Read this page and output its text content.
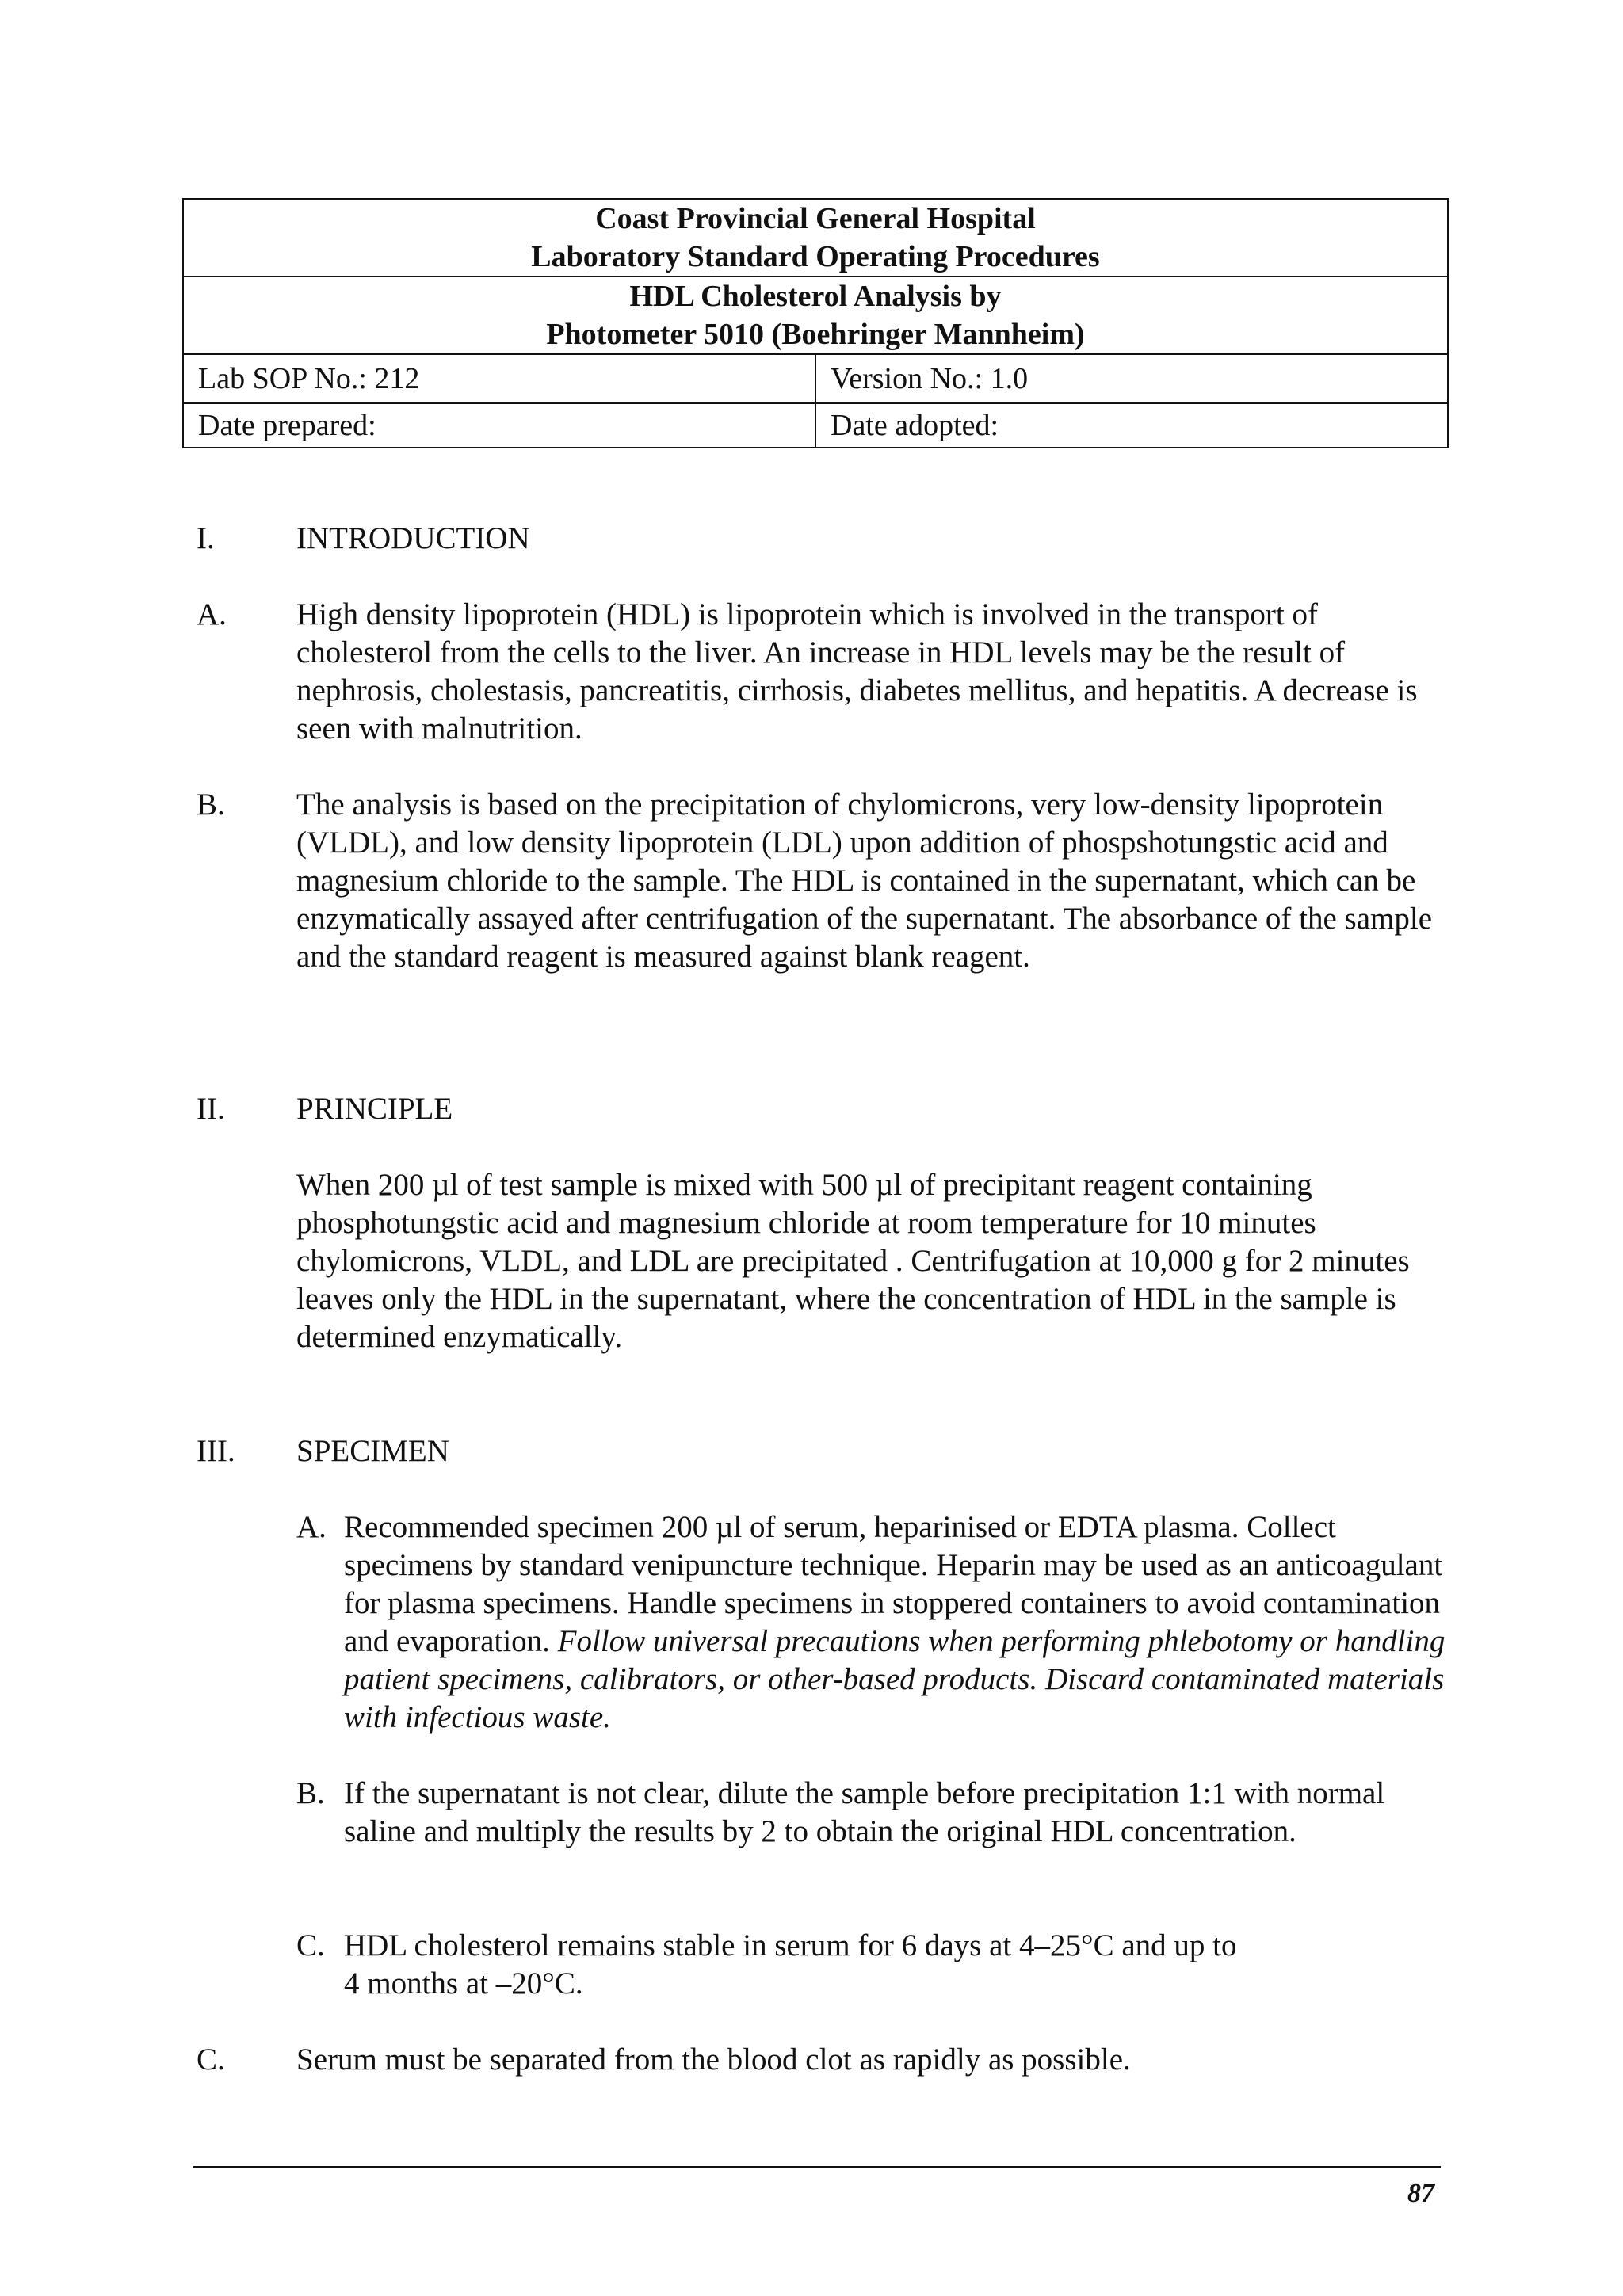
Coast Provincial General Hospital
Laboratory Standard Operating Procedures	

HDL Cholesterol Analysis by
Photometer 5010 (Boehringer Mannheim)	

Lab SOP No.: 212	Version No.: 1.0
Date prepared:	Date adopted:
I.	INTRODUCTION
A. High density lipoprotein (HDL) is lipoprotein which is involved in the transport of cholesterol from the cells to the liver. An increase in HDL levels may be the result of nephrosis, cholestasis, pancreatitis, cirrhosis, diabetes mellitus, and hepatitis. A decrease is seen with malnutrition.
B. The analysis is based on the precipitation of chylomicrons, very low-density lipoprotein (VLDL), and low density lipoprotein (LDL) upon addition of phospshotungstic acid and magnesium chloride to the sample. The HDL is contained in the supernatant, which can be enzymatically assayed after centrifugation of the supernatant. The absorbance of the sample and the standard reagent is measured against blank reagent.
II. PRINCIPLE
When 200 µl of test sample is mixed with 500 µl of precipitant reagent containing phosphotungstic acid and magnesium chloride at room temperature for 10 minutes chylomicrons, VLDL, and LDL are precipitated . Centrifugation at 10,000 g for 2 minutes leaves only the HDL in the supernatant, where the concentration of HDL in the sample is determined enzymatically.
III. SPECIMEN
A. Recommended specimen 200 µl of serum, heparinised or EDTA plasma. Collect specimens by standard venipuncture technique. Heparin may be used as an anticoagulant for plasma specimens. Handle specimens in stoppered containers to avoid contamination and evaporation. Follow universal precautions when performing phlebotomy or handling patient specimens, calibrators, or other-based products. Discard contaminated materials with infectious waste.
B. If the supernatant is not clear, dilute the sample before precipitation 1:1 with normal saline and multiply the results by 2 to obtain the original HDL concentration.
C. HDL cholesterol remains stable in serum for 6 days at 4–25°C and up to
4 months at –20°C.
C. Serum must be separated from the blood clot as rapidly as possible.
87
